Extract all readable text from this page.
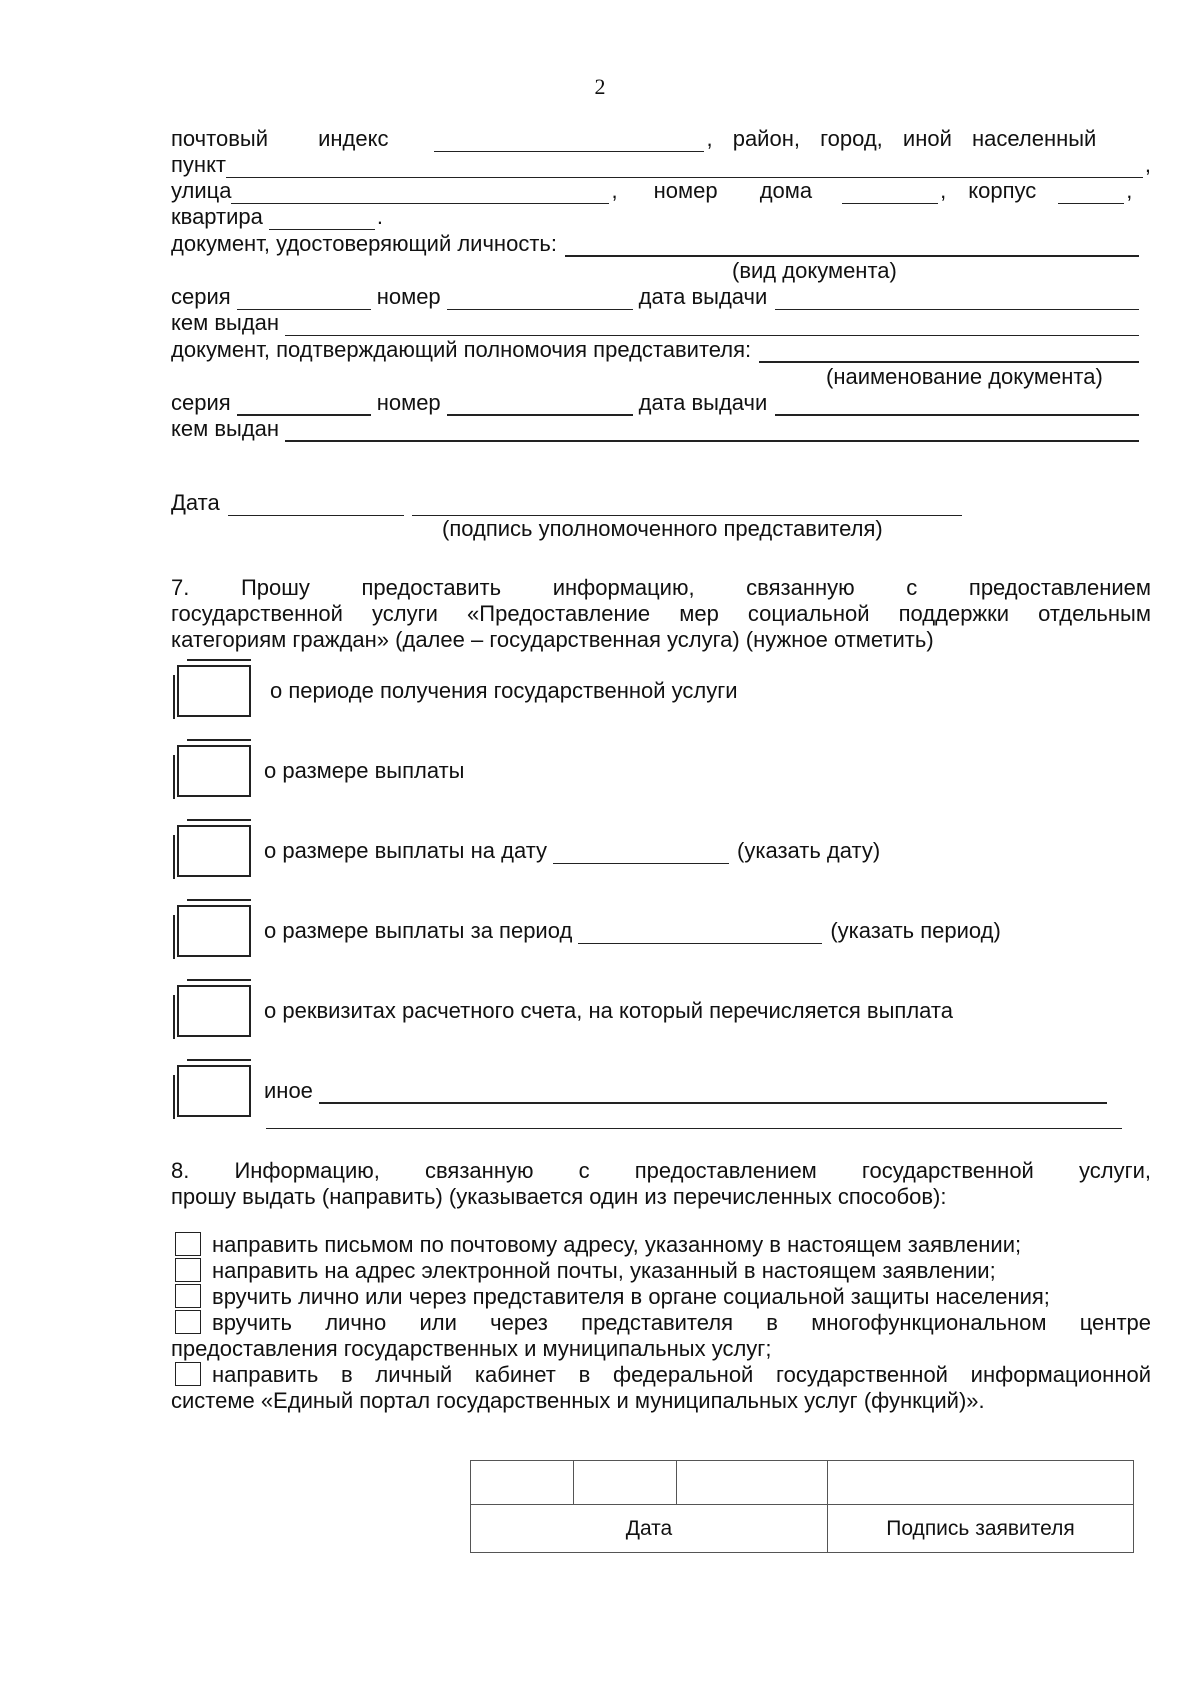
2
почтовый индекс	, район, город, иной населенный
пункт	,
улица	, номер дома	, корпус	,
квартира	.
документ, удостоверяющий личность:
(вид документа)
серия	номер	дата выдачи
кем выдан
документ, подтверждающий полномочия представителя:
(наименование документа)
серия	номер	дата выдачи
кем выдан
Дата
(подпись уполномоченного представителя)
7. Прошу предоставить информацию, связанную с предоставлением
государственной услуги «Предоставление мер социальной поддержки отдельным
категориям граждан» (далее – государственная услуга) (нужное отметить)
о периоде получения государственной услуги
о размере выплаты
о размере выплаты на дату	(указать дату)
о размере выплаты за период	(указать период)
о реквизитах расчетного счета, на который перечисляется выплата
иное
8. Информацию, связанную с предоставлением государственной услуги,
прошу выдать (направить) (указывается один из перечисленных способов):
направить письмом по почтовому адресу, указанному в настоящем заявлении;
направить на адрес электронной почты, указанный в настоящем заявлении;
вручить лично или через представителя в органе социальной защиты населения;
вручить лично или через представителя в многофункциональном центре
предоставления государственных и муниципальных услуг;
направить в личный кабинет в федеральной государственной информационной
системе «Единый портал государственных и муниципальных услуг (функций)».

Дата			Подпись заявителя
